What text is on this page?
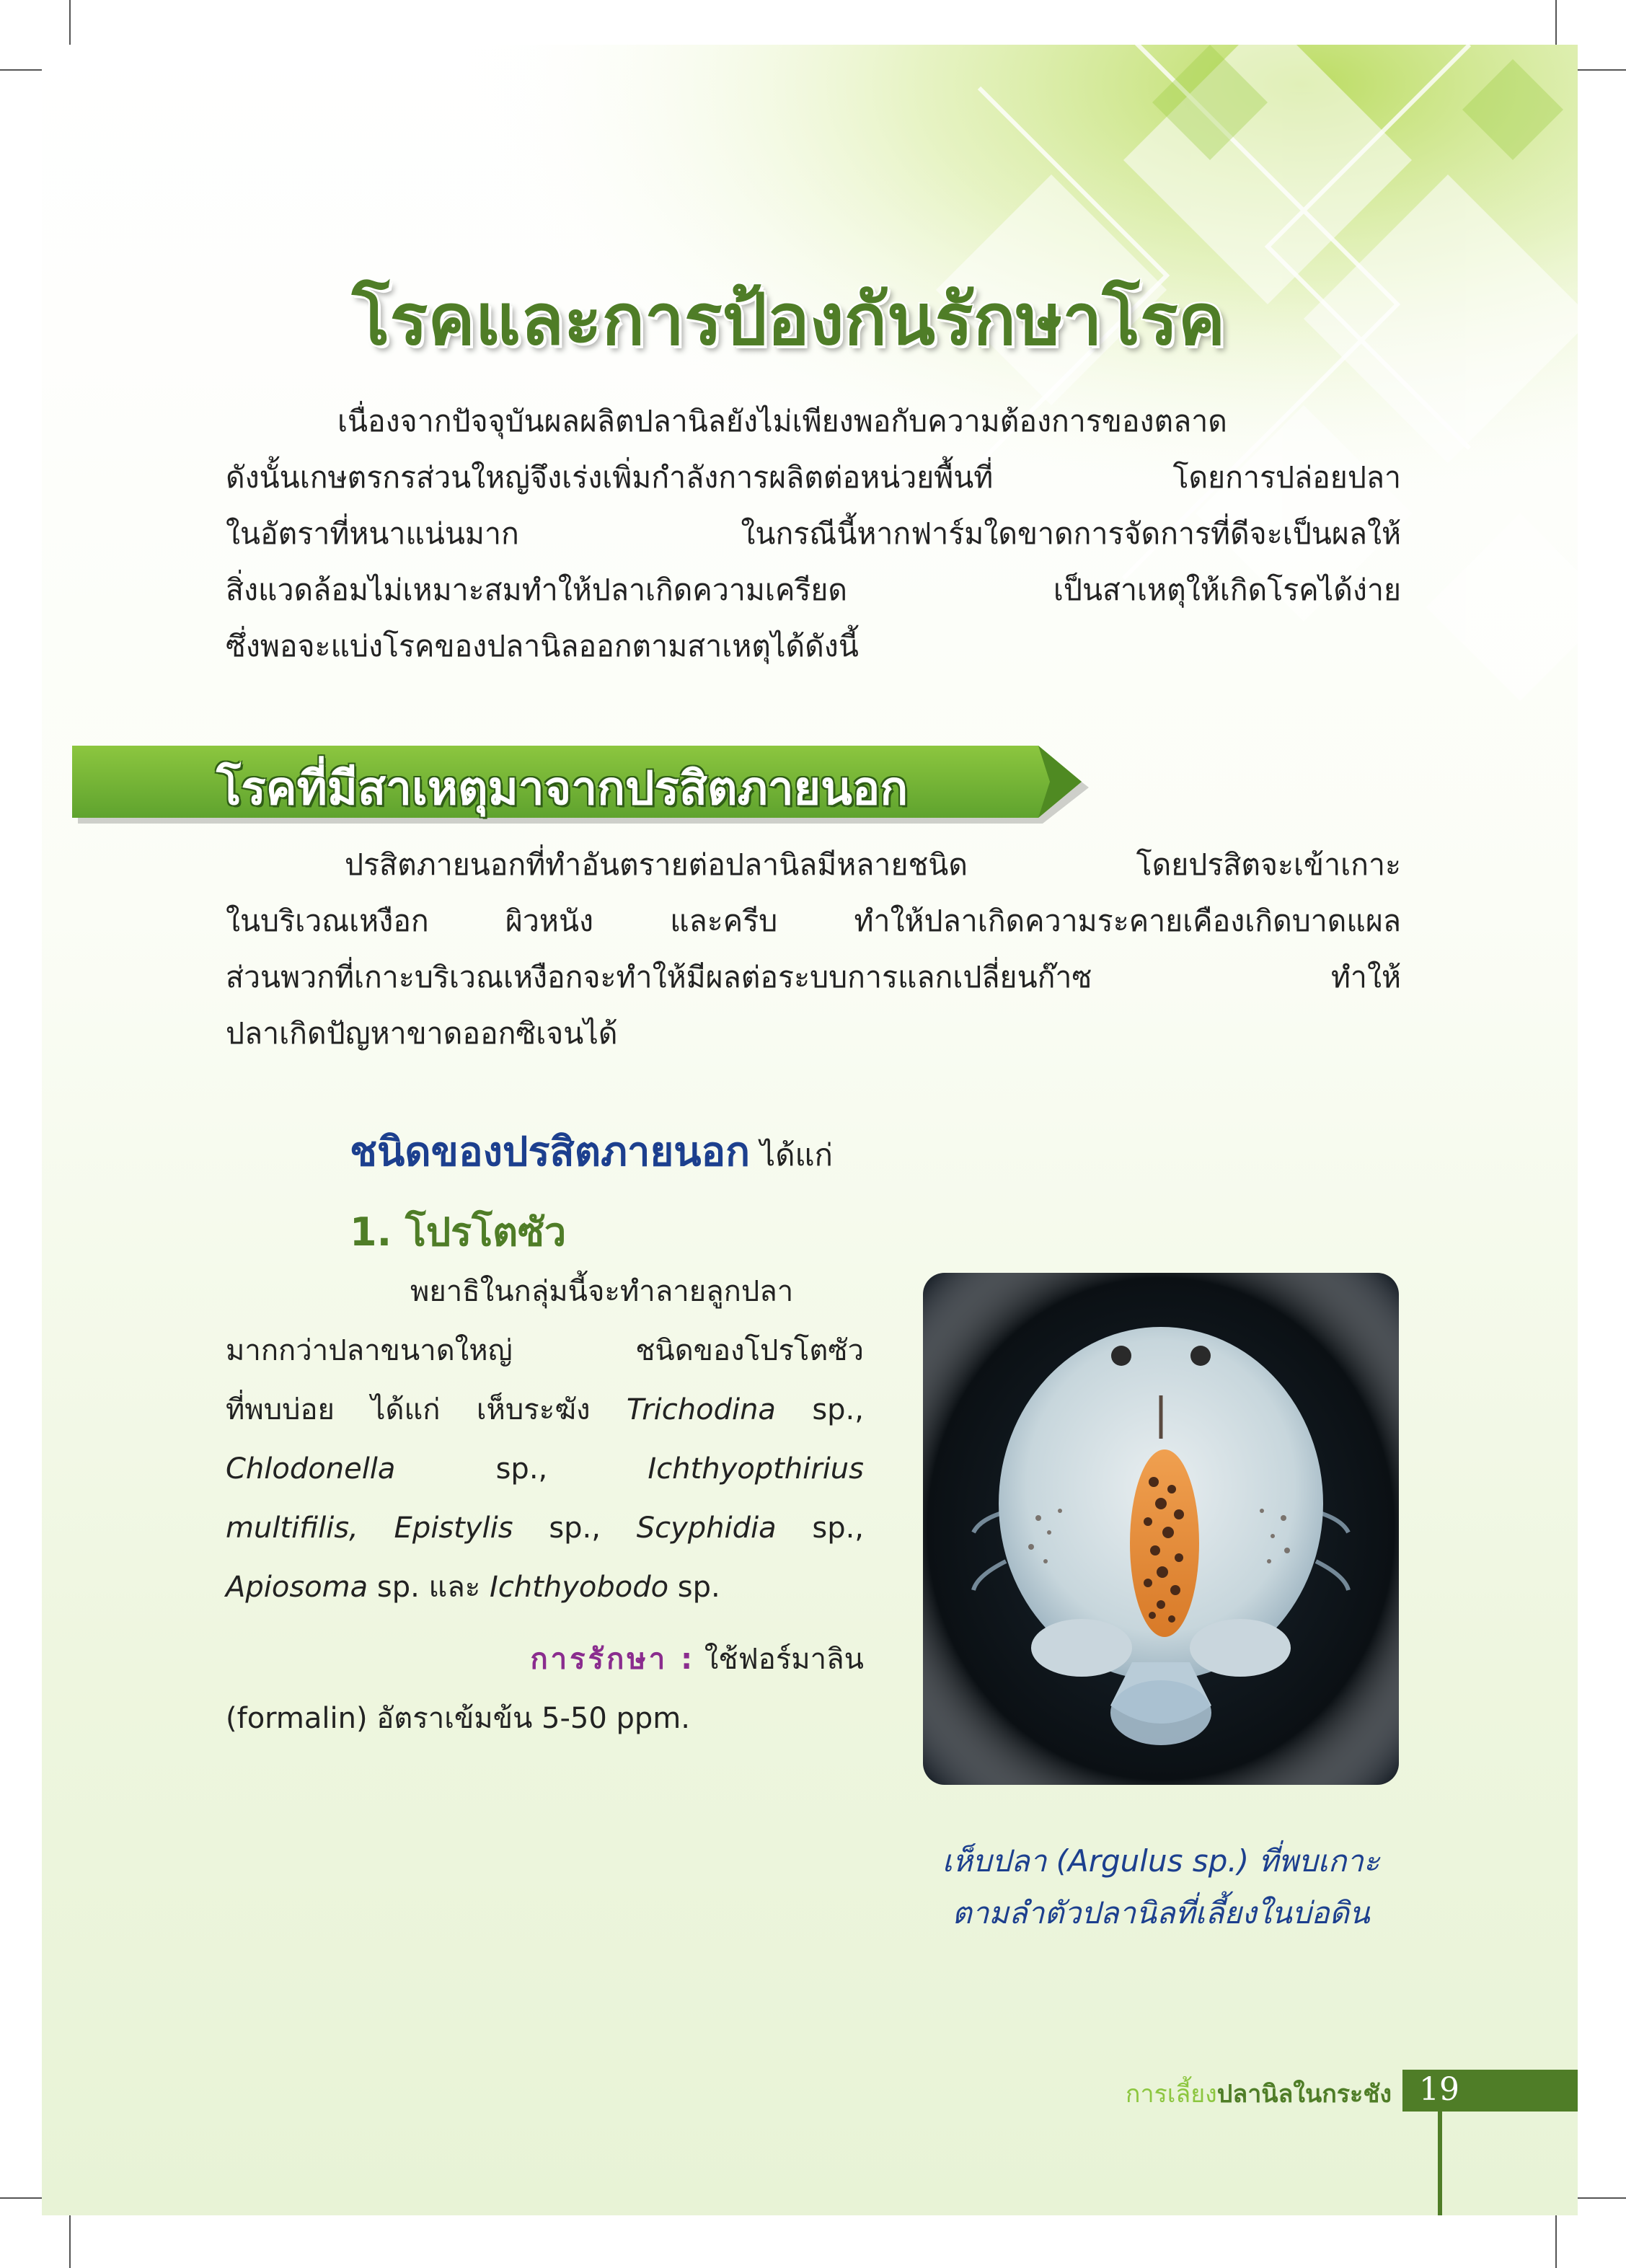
โรคและการป้องกันรักษาโรค
เนื่องจากปัจจุบันผลผลิตปลานิลยังไม่เพียงพอกับความต้องการของตลาด
ดังนั้นเกษตรกรส่วนใหญ่จึงเร่งเพิ่มกำลังการผลิตต่อหน่วยพื้นที่ โดยการปล่อยปลา
ในอัตราที่หนาแน่นมาก ในกรณีนี้หากฟาร์มใดขาดการจัดการที่ดีจะเป็นผลให้
สิ่งแวดล้อมไม่เหมาะสมทำให้ปลาเกิดความเครียด เป็นสาเหตุให้เกิดโรคได้ง่าย
ซึ่งพอจะแบ่งโรคของปลานิลออกตามสาเหตุได้ดังนี้
โรคที่มีสาเหตุมาจากปรสิตภายนอก
ปรสิตภายนอกที่ทำอันตรายต่อปลานิลมีหลายชนิด โดยปรสิตจะเข้าเกาะ
ในบริเวณเหงือก ผิวหนัง และครีบ ทำให้ปลาเกิดความระคายเคืองเกิดบาดแผล
ส่วนพวกที่เกาะบริเวณเหงือกจะทำให้มีผลต่อระบบการแลกเปลี่ยนก๊าซ ทำให้
ปลาเกิดปัญหาขาดออกซิเจนได้
ชนิดของปรสิตภายนอก ได้แก่
1. โปรโตซัว
พยาธิในกลุ่มนี้จะทำลายลูกปลา
มากกว่าปลาขนาดใหญ่ ชนิดของโปรโตซัว
ที่พบบ่อย ได้แก่ เห็บระฆัง Trichodina sp.,
Chlodonella sp., Ichthyopthirius
multifilis, Epistylis sp., Scyphidia sp.,
Apiosoma sp. และ Ichthyobodo sp.
การรักษา : ใช้ฟอร์มาลิน
(formalin) อัตราเข้มข้น 5-50 ppm.

เห็บปลา (Argulus sp.) ที่พบเกาะ
ตามลำตัวปลานิลที่เลี้ยงในบ่อดิน

การเลี้ยงปลานิลในกระชัง 19
